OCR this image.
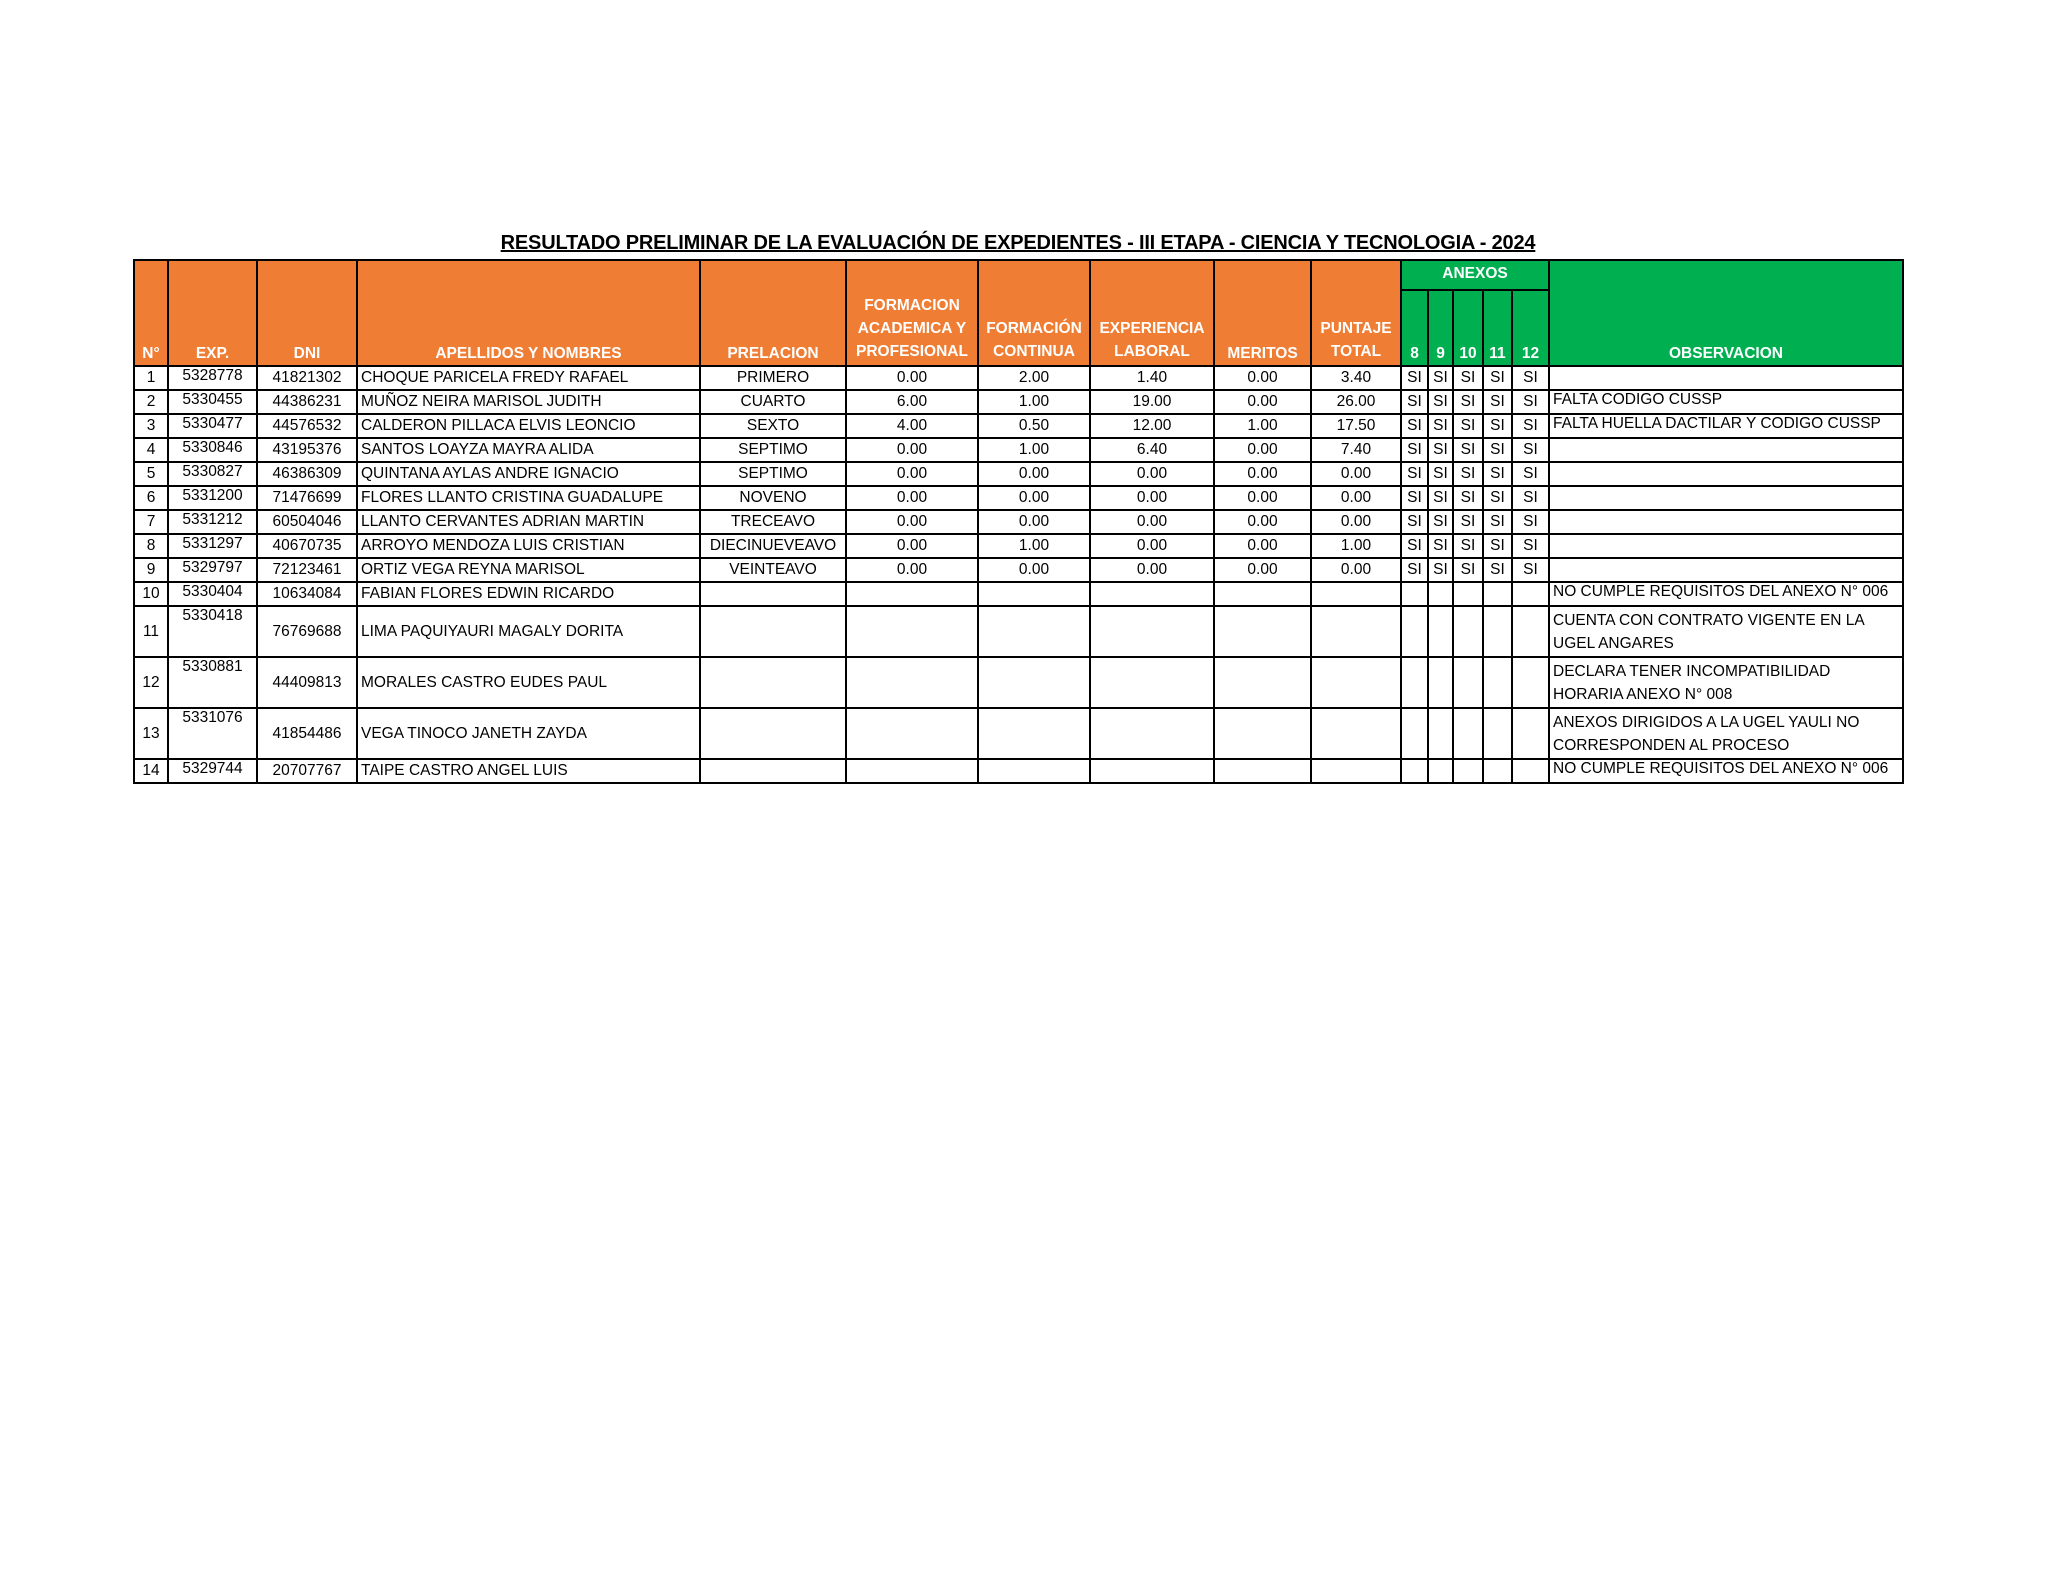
RESULTADO PRELIMINAR DE LA EVALUACIÓN DE EXPEDIENTES - III ETAPA - CIENCIA Y TECNOLOGIA - 2024
N°	EXP.	DNI	APELLIDOS Y NOMBRES	PRELACION	FORMACION ACADEMICA Y PROFESIONAL	FORMACIÓN CONTINUA	EXPERIENCIA LABORAL	MERITOS	PUNTAJE TOTAL	ANEXOS					OBSERVACION
										8	9	10	11	12	
1	5328778	41821302	CHOQUE PARICELA FREDY RAFAEL	PRIMERO	0.00	2.00	1.40	0.00	3.40	SI	SI	SI	SI	SI	
2	5330455	44386231	MUÑOZ NEIRA MARISOL JUDITH	CUARTO	6.00	1.00	19.00	0.00	26.00	SI	SI	SI	SI	SI	FALTA CODIGO CUSSP
3	5330477	44576532	CALDERON PILLACA ELVIS LEONCIO	SEXTO	4.00	0.50	12.00	1.00	17.50	SI	SI	SI	SI	SI	FALTA HUELLA DACTILAR Y CODIGO CUSSP
4	5330846	43195376	SANTOS LOAYZA MAYRA ALIDA	SEPTIMO	0.00	1.00	6.40	0.00	7.40	SI	SI	SI	SI	SI	
5	5330827	46386309	QUINTANA AYLAS ANDRE IGNACIO	SEPTIMO	0.00	0.00	0.00	0.00	0.00	SI	SI	SI	SI	SI	
6	5331200	71476699	FLORES LLANTO CRISTINA GUADALUPE	NOVENO	0.00	0.00	0.00	0.00	0.00	SI	SI	SI	SI	SI	
7	5331212	60504046	LLANTO CERVANTES ADRIAN MARTIN	TRECEAVO	0.00	0.00	0.00	0.00	0.00	SI	SI	SI	SI	SI	
8	5331297	40670735	ARROYO MENDOZA LUIS CRISTIAN	DIECINUEVEAVO	0.00	1.00	0.00	0.00	1.00	SI	SI	SI	SI	SI	
9	5329797	72123461	ORTIZ VEGA REYNA MARISOL	VEINTEAVO	0.00	0.00	0.00	0.00	0.00	SI	SI	SI	SI	SI	
10	5330404	10634084	FABIAN FLORES EDWIN RICARDO												NO CUMPLE REQUISITOS DEL ANEXO N° 006
11	5330418	76769688	LIMA PAQUIYAURI MAGALY DORITA												CUENTA CON CONTRATO VIGENTE EN LA UGEL ANGARES
12	5330881	44409813	MORALES CASTRO EUDES PAUL												DECLARA TENER INCOMPATIBILIDAD HORARIA ANEXO N° 008
13	5331076	41854486	VEGA TINOCO JANETH ZAYDA												ANEXOS DIRIGIDOS A LA UGEL YAULI NO CORRESPONDEN AL PROCESO
14	5329744	20707767	TAIPE CASTRO ANGEL LUIS												NO CUMPLE REQUISITOS DEL ANEXO N° 006
